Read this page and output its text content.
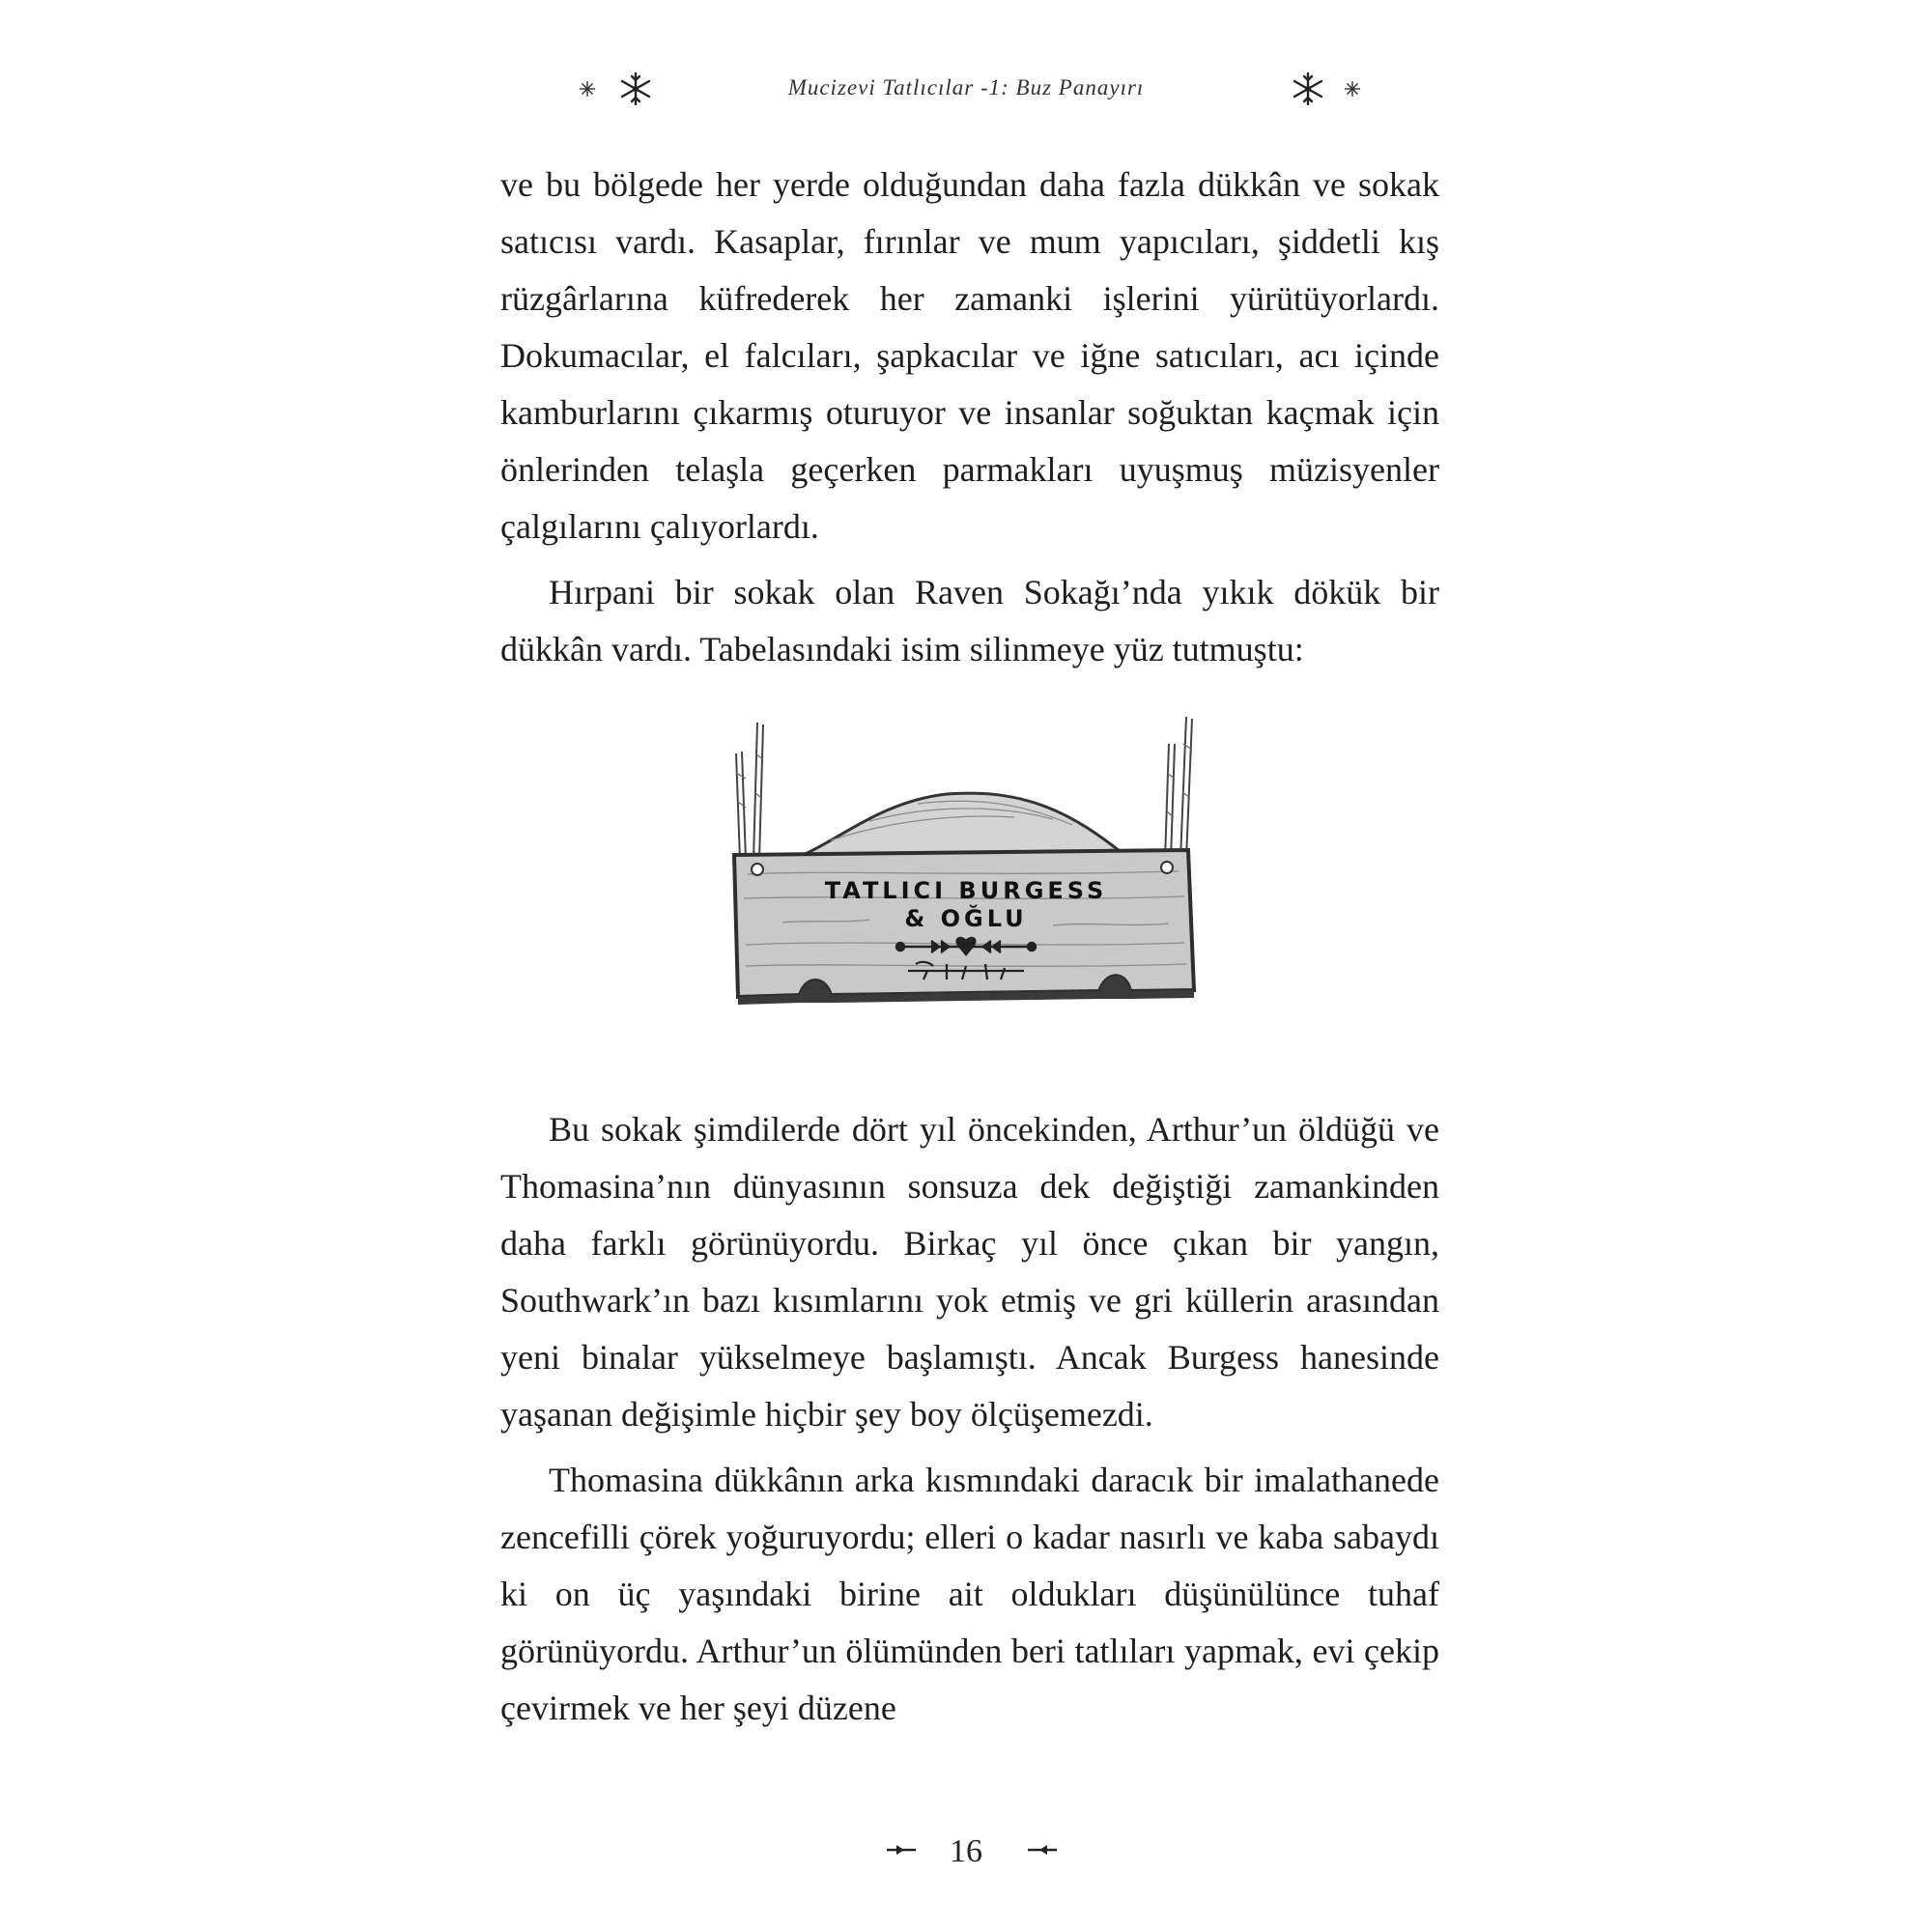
Mucizevi Tatlıcılar -1: Buz Panayırı

ve bu bölgede her yerde olduğundan daha fazla dükkân ve sokak satıcısı vardı. Kasaplar, fırınlar ve mum yapıcıları, şiddetli kış rüzgârlarına küfrederek her zamanki işlerini yürütüyorlardı. Dokumacılar, el falcıları, şapkacılar ve iğne satıcıları, acı içinde kamburlarını çıkarmış oturuyor ve insanlar soğuktan kaçmak için önlerinden telaşla geçerken parmakları uyuşmuş müzisyenler çalgılarını çalıyorlardı.

Hırpani bir sokak olan Raven Sokağı’nda yıkık dökük bir dükkân vardı. Tabelasındaki isim silinmeye yüz tutmuştu:

TATLICI BURGESS
& OĞLU

Bu sokak şimdilerde dört yıl öncekinden, Arthur’un öldüğü ve Thomasina’nın dünyasının sonsuza dek değiştiği zamankinden daha farklı görünüyordu. Birkaç yıl önce çıkan bir yangın, Southwark’ın bazı kısımlarını yok etmiş ve gri küllerin arasından yeni binalar yükselmeye başlamıştı. Ancak Burgess hanesinde yaşanan değişimle hiçbir şey boy ölçüşemezdi.

Thomasina dükkânın arka kısmındaki daracık bir imalathanede zencefilli çörek yoğuruyordu; elleri o kadar nasırlı ve kaba sabaydı ki on üç yaşındaki birine ait oldukları düşünülünce tuhaf görünüyordu. Arthur’un ölümünden beri tatlıları yapmak, evi çekip çevirmek ve her şeyi düzene

16
